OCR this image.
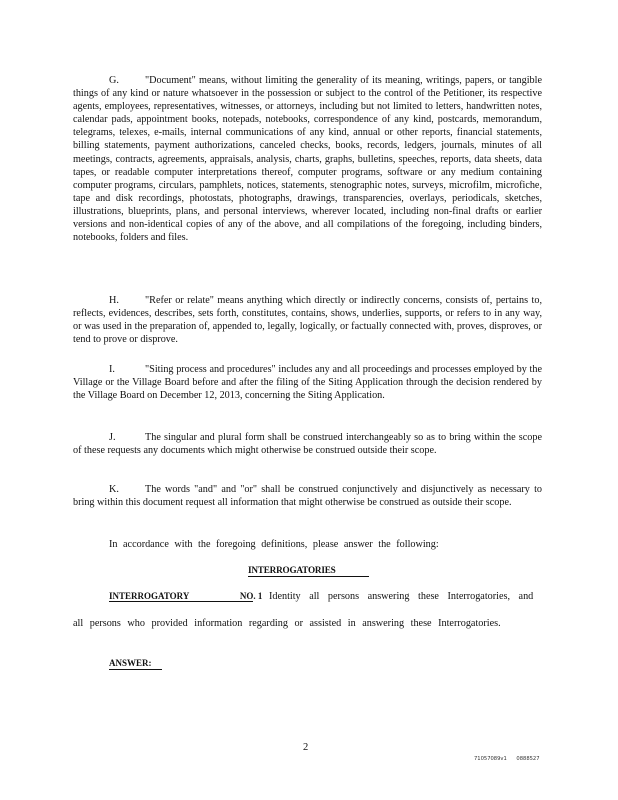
G.	"Document" means, without limiting the generality of its meaning, writings, papers, or tangible things of any kind or nature whatsoever in the possession or subject to the control of the Petitioner, its respective agents, employees, representatives, witnesses, or attorneys, including but not limited to letters, handwritten notes, calendar pads, appointment books, notepads, notebooks, correspondence of any kind, postcards, memorandum, telegrams, telexes, e-mails, internal communications of any kind, annual or other reports, financial statements, billing statements, payment authorizations, canceled checks, books, records, ledgers, journals, minutes of all meetings, contracts, agreements, appraisals, analysis, charts, graphs, bulletins, speeches, reports, data sheets, data tapes, or readable computer interpretations thereof, computer programs, software or any medium containing computer programs, circulars, pamphlets, notices, statements, stenographic notes, surveys, microfilm, microfiche, tape and disk recordings, photostats, photographs, drawings, transparencies, overlays, periodicals, sketches, illustrations, blueprints, plans, and personal interviews, wherever located, including non-final drafts or earlier versions and non-identical copies of any of the above, and all compilations of the foregoing, including binders, notebooks, folders and files.
H.	"Refer or relate" means anything which directly or indirectly concerns, consists of, pertains to, reflects, evidences, describes, sets forth, constitutes, contains, shows, underlies, supports, or refers to in any way, or was used in the preparation of, appended to, legally, logically, or factually connected with, proves, disproves, or tend to prove or disprove.
I.	"Siting process and procedures" includes any and all proceedings and processes employed by the Village or the Village Board before and after the filing of the Siting Application through the decision rendered by the Village Board on December 12, 2013, concerning the Siting Application.
J.	The singular and plural form shall be construed interchangeably so as to bring within the scope of these requests any documents which might otherwise be construed outside their scope.
K.	The words "and" and "or" shall be construed conjunctively and disjunctively as necessary to bring within this document request all information that might otherwise be construed as outside their scope.
In accordance with the foregoing definitions, please answer the following:
INTERROGATORIES
INTERROGATORY	NO. 1 Identity all persons answering these Interrogatories, and
all persons who provided information regarding or assisted in answering these Interrogatories.
ANSWER:
2
71057089v1 0888527
